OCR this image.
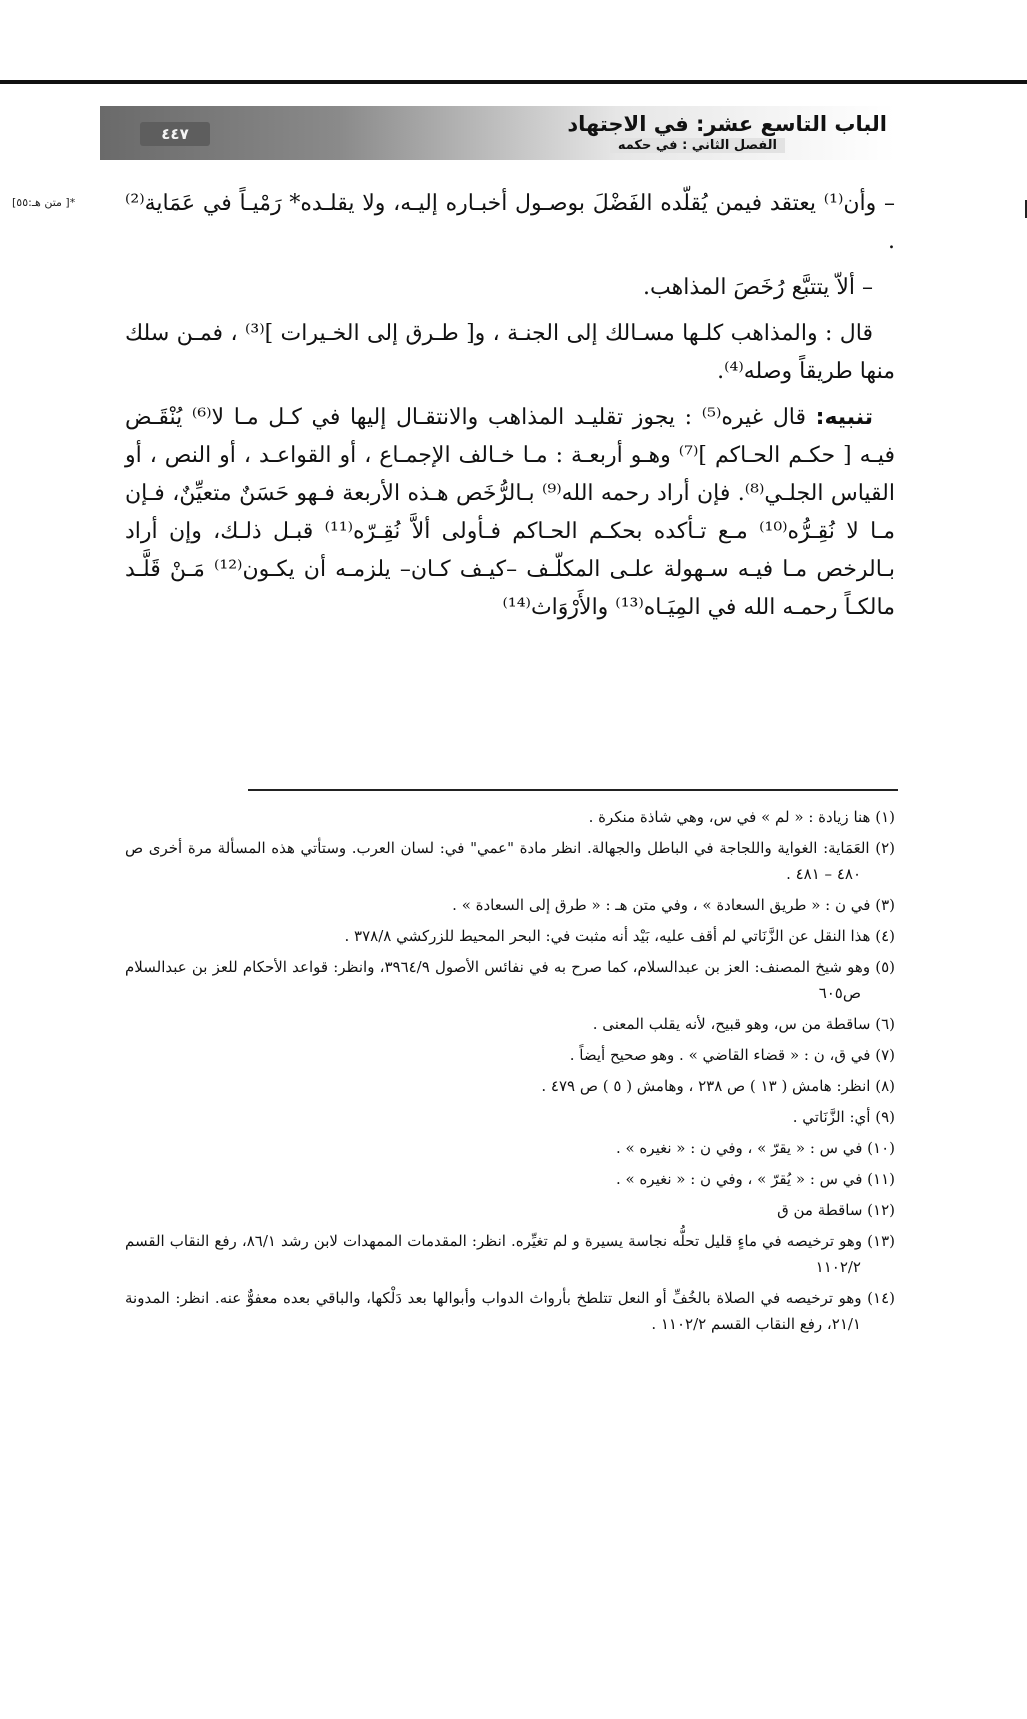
٤٤٧	الباب التاسع عشر: في الاجتهاد
الفصل الثاني : في حكمه
*[ متن هـ:٥٥] – وأن⁽¹⁾ يعتقد فيمن يُقلّده الفَضْلَ بوصـول أخبـاره إليـه، ولا يقلـده* رَمْيـاً في عَمَاية⁽²⁾ .

– ألاّ يتتبَّع رُخَصَ المذاهب.

قال : والمذاهب كلـها مسـالك إلى الجنـة ، و[ طـرق إلى الخـيرات ]⁽³⁾ ، فمـن سلك منها طريقاً وصله⁽⁴⁾.

تنبيه: قال غيره⁽⁵⁾ : يجوز تقليـد المذاهب والانتقـال إليها في كـل مـا لا⁽⁶⁾ يُنْقَـض فيـه [ حكـم الحـاكم ]⁽⁷⁾ وهـو أربعـة : مـا خـالف الإجمـاع ، أو القواعـد ، أو النص ، أو القياس الجلـي⁽⁸⁾. فإن أراد رحمه الله⁽⁹⁾ بـالرُّخَص هـذه الأربعة فـهو حَسَنٌ متعيِّنٌ، فـإن مـا لا نُقِـرُّه⁽¹⁰⁾ مـع تـأكده بحكـم الحـاكم فـأولى ألاَّ نُقِـرّه⁽¹¹⁾ قبـل ذلـك، وإن أراد بـالرخص مـا فيـه سـهولة علـى المكلّـف –كيـف كـان– يلزمـه أن يكـون⁽¹²⁾ مَـنْ قَلَّـد مالكـاً رحمـه الله في المِيَـاه⁽¹³⁾ والأَرْوَاث⁽¹⁴⁾

(١) هنا زيادة : « لم » في س، وهي شاذة منكرة .

(٢) العَمَاية: الغواية واللجاجة في الباطل والجهالة. انظر مادة "عمي" في: لسان العرب. وستأتي هذه المسألة مرة أخرى ص ٤٨٠ – ٤٨١ .

(٣) في ن : « طريق السعادة » ، وفي متن هـ : « طرق إلى السعادة » .

(٤) هذا النقل عن الزَّنَاتي لم أقف عليه، بَيْد أنه مثبت في: البحر المحيط للزركشي ٣٧٨/٨ .

(٥) وهو شيخ المصنف: العز بن عبدالسلام، كما صرح به في نفائس الأصول ٣٩٦٤/٩، وانظر: قواعد الأحكام للعز بن عبدالسلام ص٦٠٥

(٦) ساقطة من س، وهو قبيح، لأنه يقلب المعنى .

(٧) في ق، ن : « قضاء القاضي » . وهو صحيح أيضاً .

(٨) انظر: هامش ( ١٣ ) ص ٢٣٨ ، وهامش ( ٥ ) ص ٤٧٩ .

(٩) أي: الزَّنَاتي .

(١٠) في س : « يقرّ » ، وفي ن : « نغيره » .

(١١) في س : « يُقرّ » ، وفي ن : « نغيره » .

(١٢) ساقطة من ق

(١٣) وهو ترخيصه في ماءٍ قليل تحلُّه نجاسة يسيرة و لم تغيِّره. انظر: المقدمات الممهدات لابن رشد ٨٦/١، رفع النقاب القسم ١١٠٢/٢

(١٤) وهو ترخيصه في الصلاة بالخُفِّ أو النعل تتلطخ بأرواث الدواب وأبوالها بعد دَلْكها، والباقي بعده معفوٌّ عنه. انظر: المدونة ٢١/١، رفع النقاب القسم ١١٠٢/٢ .
